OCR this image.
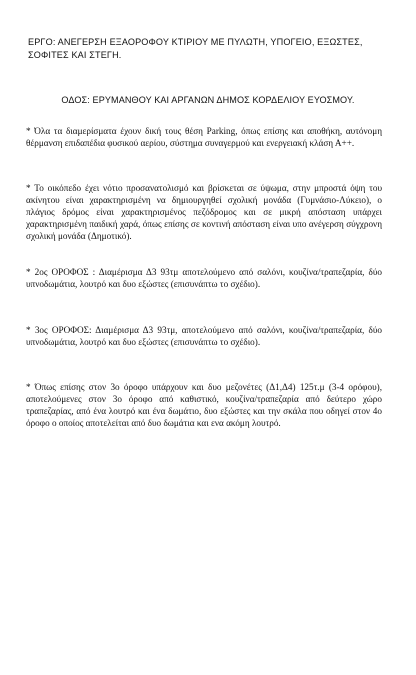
ΕΡΓΟ: ΑΝΕΓΕΡΣΗ ΕΞΑΟΡΟΦΟΥ ΚΤΙΡΙΟΥ ΜΕ ΠΥΛΩΤΗ, ΥΠΟΓΕΙΟ, ΕΞΩΣΤΕΣ, ΣΟΦΙΤΕΣ ΚΑΙ ΣΤΕΓΗ.
ΟΔΟΣ: ΕΡΥΜΑΝΘΟΥ ΚΑΙ ΑΡΓΑΝΩΝ ΔΗΜΟΣ ΚΟΡΔΕΛΙΟΥ ΕΥΟΣΜΟΥ.
* Όλα τα διαμερίσματα έχουν δική τους θέση Parking, όπως επίσης και αποθήκη, αυτόνομη θέρμανση επιδαπέδια φυσικού αερίου, σύστημα συναγερμού και ενεργειακή κλάση Α++.
* Το οικόπεδο έχει νότιο προσανατολισμό και βρίσκεται σε ύψωμα, στην μπροστά όψη του ακίνητου είναι χαρακτηρισμένη να δημιουργηθεί σχολική μονάδα (Γυμνάσιο-Λύκειο), ο πλάγιος δρόμος είναι χαρακτηρισμένος πεζόδρομος και σε μικρή απόσταση υπάρχει χαρακτηρισμένη παιδική χαρά, όπως επίσης σε κοντινή απόσταση είναι υπο ανέγερση σύγχρονη σχολική μονάδα (Δημοτικό).
* 2ος ΟΡΟΦΟΣ : Διαμέρισμα Δ3 93τμ αποτελούμενο από σαλόνι, κουζίνα/τραπεζαρία, δύο υπνοδωμάτια, λουτρό και δυο εξώστες (επισυνάπτω το σχέδιο).
* 3ος ΟΡΟΦΟΣ: Διαμέρισμα Δ3 93τμ, αποτελούμενο από σαλόνι, κουζίνα/τραπεζαρία, δύο υπνοδωμάτια, λουτρό και δυο εξώστες (επισυνάπτω το σχέδιο).
* Όπως επίσης στον 3ο όροφο υπάρχουν και δυο μεζονέτες (Δ1,Δ4) 125τ.μ (3-4 ορόφου), αποτελούμενες στον 3ο όροφο από καθιστικό, κουζίνα/τραπεζαρία από δεύτερο χώρο τραπεζαρίας, από ένα λουτρό και ένα δωμάτιο, δυο εξώστες και την σκάλα που οδηγεί στον 4ο όροφο ο οποίος αποτελείται από δυο δωμάτια και ενα ακόμη λουτρό.
